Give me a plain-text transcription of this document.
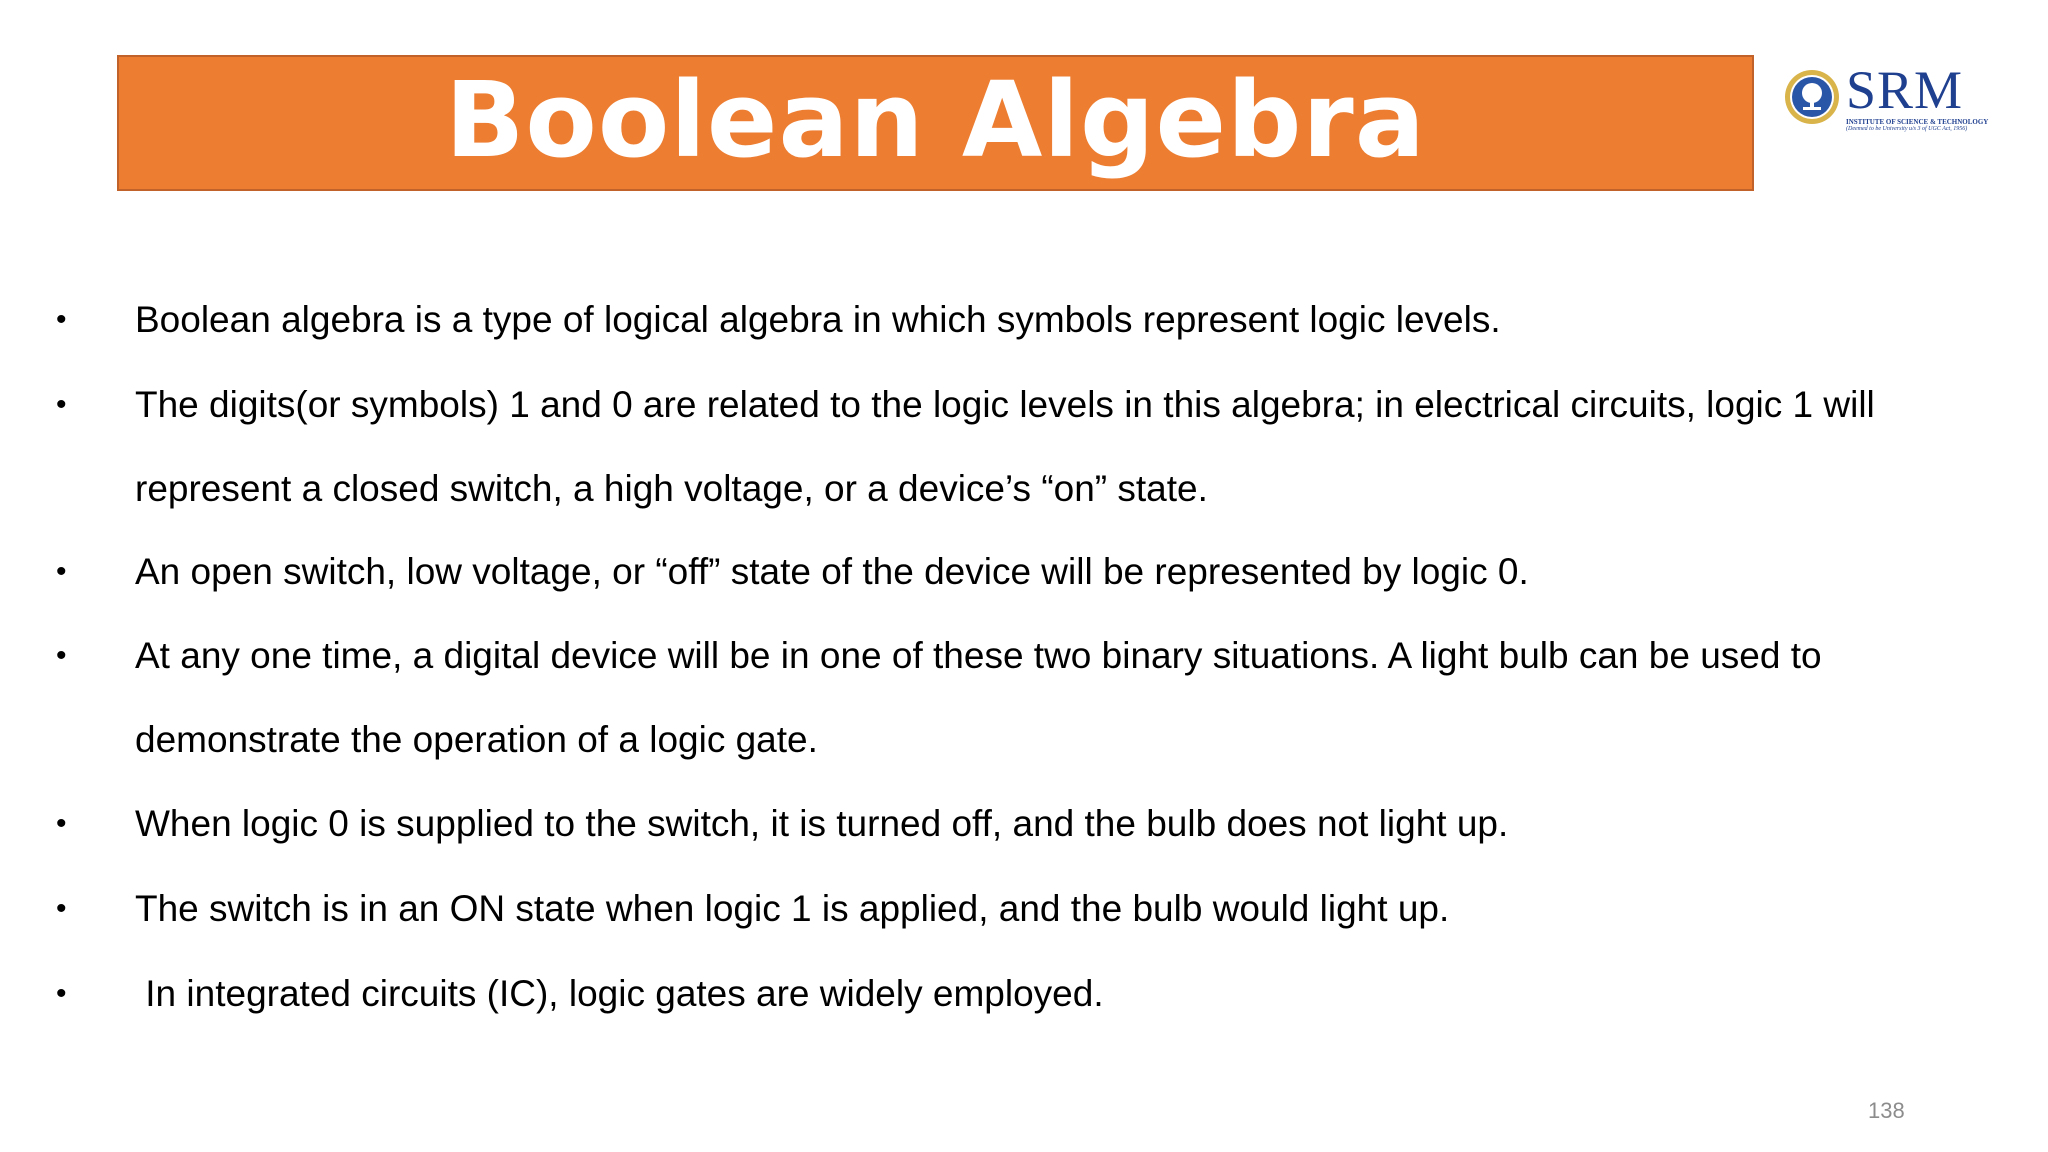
Boolean Algebra	SRM
INSTITUTE OF SCIENCE & TECHNOLOGY
(Deemed to be University u/s 3 of UGC Act, 1956)
• Boolean algebra is a type of logical algebra in which symbols represent logic levels.
• The digits(or symbols) 1 and 0 are related to the logic levels in this algebra; in electrical circuits, logic 1 will represent a closed switch, a high voltage, or a device’s “on” state.
• An open switch, low voltage, or “off” state of the device will be represented by logic 0.
• At any one time, a digital device will be in one of these two binary situations. A light bulb can be used to demonstrate the operation of a logic gate.
• When logic 0 is supplied to the switch, it is turned off, and the bulb does not light up.
• The switch is in an ON state when logic 1 is applied, and the bulb would light up.
• In integrated circuits (IC), logic gates are widely employed.
138
